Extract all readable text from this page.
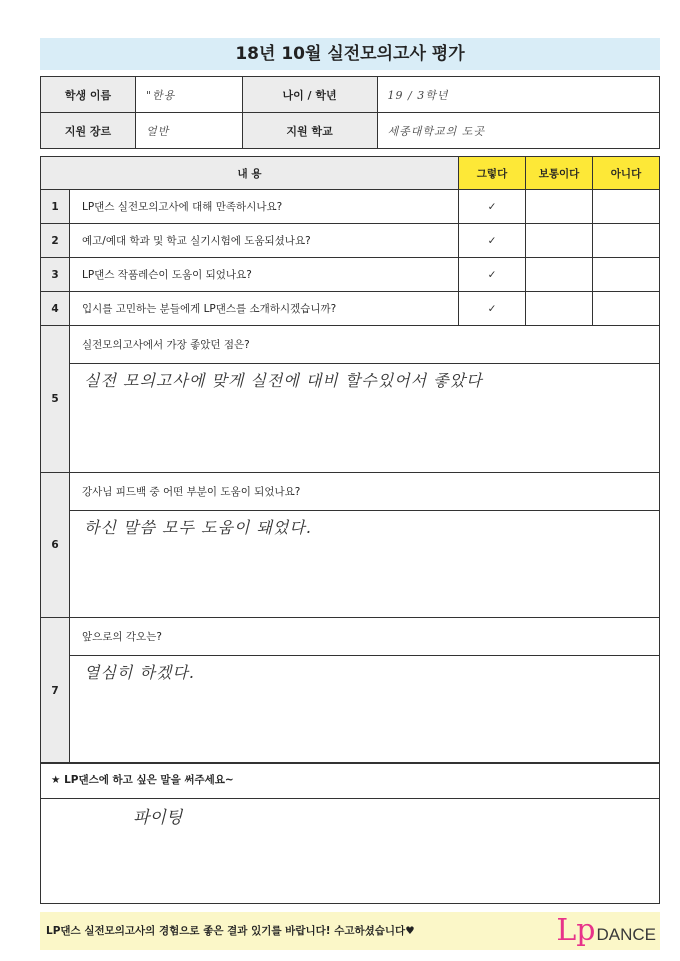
18년 10월 실전모의고사 평가
학생 이름	"한용	나이 / 학년	19 / 3학년
지원 장르	얼반	지원 학교	세종대학교의 도곳
내 용		그렇다	보통이다	아니다
1	LP댄스 실전모의고사에 대해 만족하시나요?	✓		
2	예고/예대 학과 및 학교 실기시험에 도움되셨나요?	✓		
3	LP댄스 작품레슨이 도움이 되었나요?	✓		
4	입시를 고민하는 분들에게 LP댄스를 소개하시겠습니까?	✓		
5	실전모의고사에서 가장 좋았던 점은?			
	실전 모의고사에 맞게 실전에 대비 할수있어서 좋았다			
6	강사님 피드백 중 어떤 부분이 도움이 되었나요?			
	하신 말씀 모두 도움이 돼었다.			
7	앞으로의 각오는?			
	열심히 하겠다.			
★ LP댄스에 하고 싶은 말을 써주세요~
파이팅
LP댄스 실전모의고사의 경험으로 좋은 결과 있기를 바랍니다! 수고하셨습니다♥	Lp DANCE
